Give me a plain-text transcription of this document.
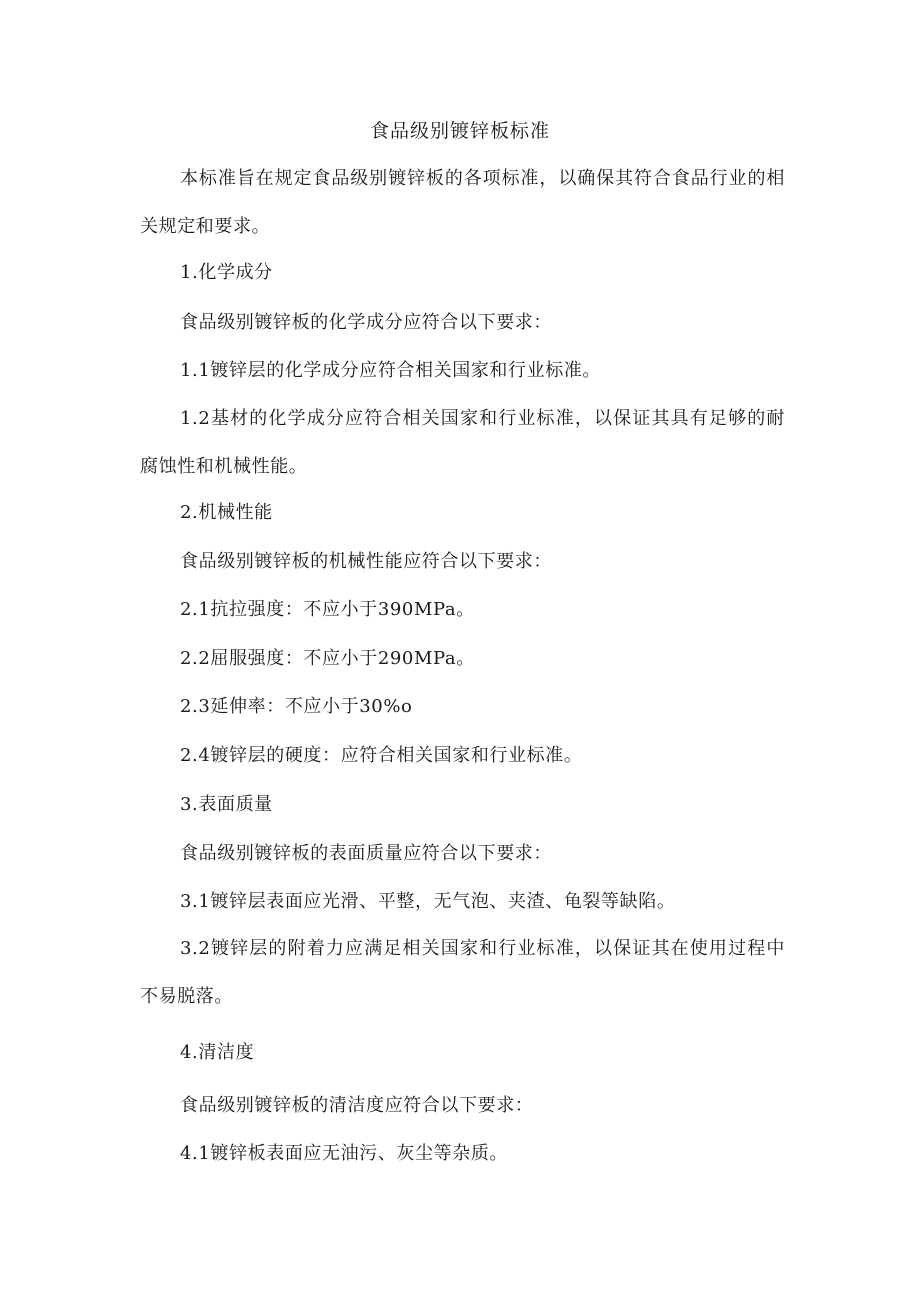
食品级别镀锌板标准
本标准旨在规定食品级别镀锌板的各项标准，以确保其符合食品行业的相关规定和要求。
1.化学成分
食品级别镀锌板的化学成分应符合以下要求：
1.1镀锌层的化学成分应符合相关国家和行业标准。
1.2基材的化学成分应符合相关国家和行业标准，以保证其具有足够的耐腐蚀性和机械性能。
2.机械性能
食品级别镀锌板的机械性能应符合以下要求：
2.1抗拉强度：不应小于390MPa。
2.2屈服强度：不应小于290MPa。
2.3延伸率：不应小于30%o
2.4镀锌层的硬度：应符合相关国家和行业标准。
3.表面质量
食品级别镀锌板的表面质量应符合以下要求：
3.1镀锌层表面应光滑、平整，无气泡、夹渣、龟裂等缺陷。
3.2镀锌层的附着力应满足相关国家和行业标准，以保证其在使用过程中不易脱落。
4.清洁度
食品级别镀锌板的清洁度应符合以下要求：
4.1镀锌板表面应无油污、灰尘等杂质。
